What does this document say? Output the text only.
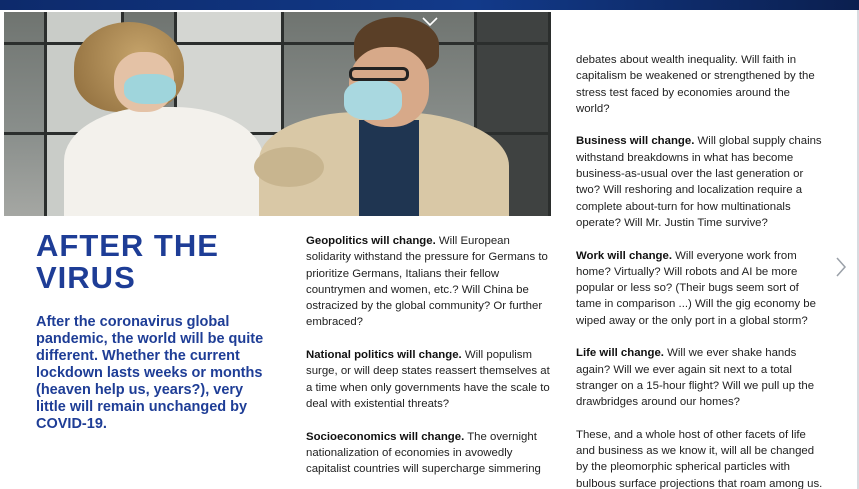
AFTER THE VIRUS

After the coronavirus global pandemic, the world will be quite different. Whether the current lockdown lasts weeks or months (heaven help us, years?), very little will remain unchanged by COVID-19.

Geopolitics will change. Will European solidarity withstand the pressure for Germans to prioritize Germans, Italians their fellow countrymen and women, etc.? Will China be ostracized by the global community? Or further embraced?

National politics will change. Will populism surge, or will deep states reassert themselves at a time when only governments have the scale to deal with existential threats?

Socioeconomics will change. The overnight nationalization of economies in avowedly capitalist countries will supercharge simmering

debates about wealth inequality. Will faith in capitalism be weakened or strengthened by the stress test faced by economies around the world?

Business will change. Will global supply chains withstand breakdowns in what has become business-as-usual over the last generation or two? Will reshoring and localization require a complete about-turn for how multinationals operate? Will Mr. Justin Time survive?

Work will change. Will everyone work from home? Virtually? Will robots and AI be more popular or less so? (Their bugs seem sort of tame in comparison ...) Will the gig economy be wiped away or the only port in a global storm?

Life will change. Will we ever shake hands again? Will we ever again sit next to a total stranger on a 15-hour flight? Will we pull up the drawbridges around our homes?

These, and a whole host of other facets of life and business as we know it, will all be changed by the pleomorphic spherical particles with bulbous surface projections that roam among us.
